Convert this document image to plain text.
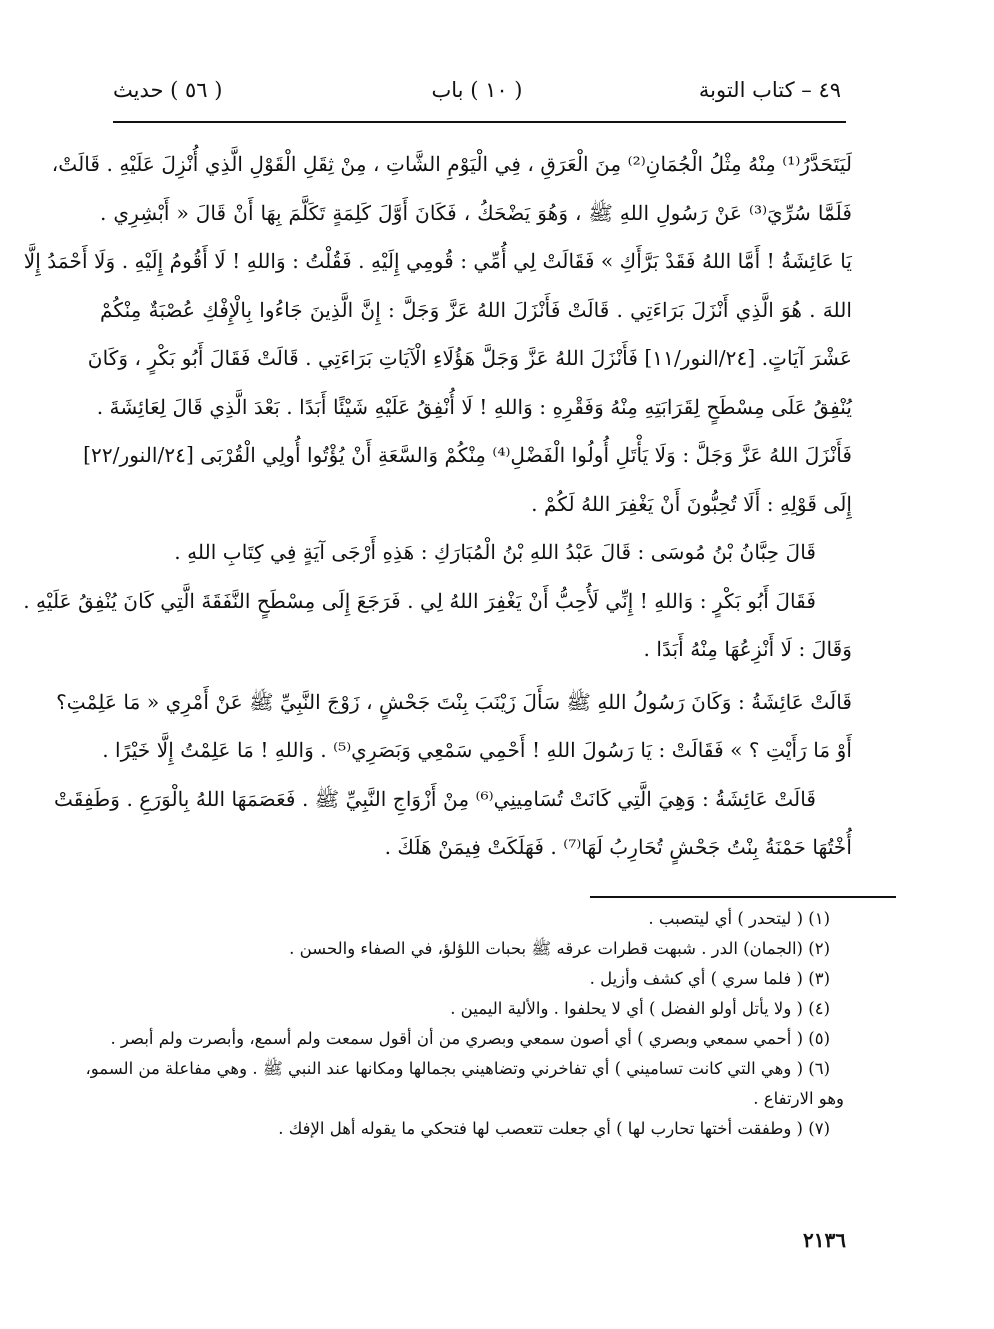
٤٩ – كتاب التوبة
( ١٠ ) باب
( ٥٦ ) حديث
لَيَتَحَدَّرُ⁽¹⁾ مِنْهُ مِثْلُ الْجُمَانِ⁽²⁾ مِنَ الْعَرَقِ ، فِي الْيَوْمِ الشَّاتِ ، مِنْ ثِقَلِ الْقَوْلِ الَّذِي أُنْزِلَ عَلَيْهِ . قَالَتْ،
فَلَمَّا سُرِّيَ⁽³⁾ عَنْ رَسُولِ اللهِ ﷺ ، وَهُوَ يَضْحَكُ ، فَكَانَ أَوَّلَ كَلِمَةٍ تَكَلَّمَ بِهَا أَنْ قَالَ « أَبْشِرِي .
يَا عَائِشَةُ ! أَمَّا اللهُ فَقَدْ بَرَّأَكِ » فَقَالَتْ لِي أُمِّي : قُومِي إِلَيْهِ . فَقُلْتُ : وَاللهِ ! لَا أَقُومُ إِلَيْهِ . وَلَا أَحْمَدُ إِلَّا
اللهَ . هُوَ الَّذِي أَنْزَلَ بَرَاءَتِي . قَالَتْ فَأَنْزَلَ اللهُ عَزَّ وَجَلَّ : إِنَّ الَّذِينَ جَاءُوا بِالْإِفْكِ عُصْبَةٌ مِنْكُمْ
عَشْرَ آيَاتٍ. [٢٤/النور/١١] فَأَنْزَلَ اللهُ عَزَّ وَجَلَّ هَؤُلَاءِ الْآيَاتِ بَرَاءَتِي . قَالَتْ فَقَالَ أَبُو بَكْرٍ ، وَكَانَ
يُنْفِقُ عَلَى مِسْطَحٍ لِقَرَابَتِهِ مِنْهُ وَفَقْرِهِ : وَاللهِ ! لَا أُنْفِقُ عَلَيْهِ شَيْئًا أَبَدًا . بَعْدَ الَّذِي قَالَ لِعَائِشَةَ .
فَأَنْزَلَ اللهُ عَزَّ وَجَلَّ : وَلَا يَأْتَلِ أُولُوا الْفَضْلِ⁽⁴⁾ مِنْكُمْ وَالسَّعَةِ أَنْ يُؤْتُوا أُولِي الْقُرْبَى [٢٤/النور/٢٢]
إِلَى قَوْلِهِ : أَلَا تُحِبُّونَ أَنْ يَغْفِرَ اللهُ لَكُمْ .
قَالَ حِبَّانُ بْنُ مُوسَى : قَالَ عَبْدُ اللهِ بْنُ الْمُبَارَكِ : هَذِهِ أَرْجَى آيَةٍ فِي كِتَابِ اللهِ .
فَقَالَ أَبُو بَكْرٍ : وَاللهِ ! إِنِّي لَأُحِبُّ أَنْ يَغْفِرَ اللهُ لِي . فَرَجَعَ إِلَى مِسْطَحٍ النَّفَقَةَ الَّتِي كَانَ يُنْفِقُ عَلَيْهِ .
وَقَالَ : لَا أَنْزِعُهَا مِنْهُ أَبَدًا .
قَالَتْ عَائِشَةُ : وَكَانَ رَسُولُ اللهِ ﷺ سَأَلَ زَيْنَبَ بِنْتَ جَحْشٍ ، زَوْجَ النَّبِيِّ ﷺ عَنْ أَمْرِي « مَا عَلِمْتِ؟
أَوْ مَا رَأَيْتِ ؟ » فَقَالَتْ : يَا رَسُولَ اللهِ ! أَحْمِي سَمْعِي وَبَصَرِي⁽⁵⁾ . وَاللهِ ! مَا عَلِمْتُ إِلَّا خَيْرًا .
قَالَتْ عَائِشَةُ : وَهِيَ الَّتِي كَانَتْ تُسَامِينِي⁽⁶⁾ مِنْ أَزْوَاجِ النَّبِيِّ ﷺ . فَعَصَمَهَا اللهُ بِالْوَرَعِ . وَطَفِقَتْ
أُخْتُهَا حَمْنَةُ بِنْتُ جَحْشٍ تُحَارِبُ لَهَا⁽⁷⁾ . فَهَلَكَتْ فِيمَنْ هَلَكَ .
(١) ( ليتحدر ) أي ليتصبب .
(٢) (الجمان) الدر . شبهت قطرات عرقه ﷺ بحبات اللؤلؤ، في الصفاء والحسن .
(٣) ( فلما سري ) أي كشف وأزيل .
(٤) ( ولا يأتل أولو الفضل ) أي لا يحلفوا . والألية اليمين .
(٥) ( أحمي سمعي وبصري ) أي أصون سمعي وبصري من أن أقول سمعت ولم أسمع، وأبصرت ولم أبصر .
(٦) ( وهي التي كانت تساميني ) أي تفاخرني وتضاهيني بجمالها ومكانها عند النبي ﷺ . وهي مفاعلة من السمو،
وهو الارتفاع .
(٧) ( وطفقت أختها تحارب لها ) أي جعلت تتعصب لها فتحكي ما يقوله أهل الإفك .
٢١٣٦
